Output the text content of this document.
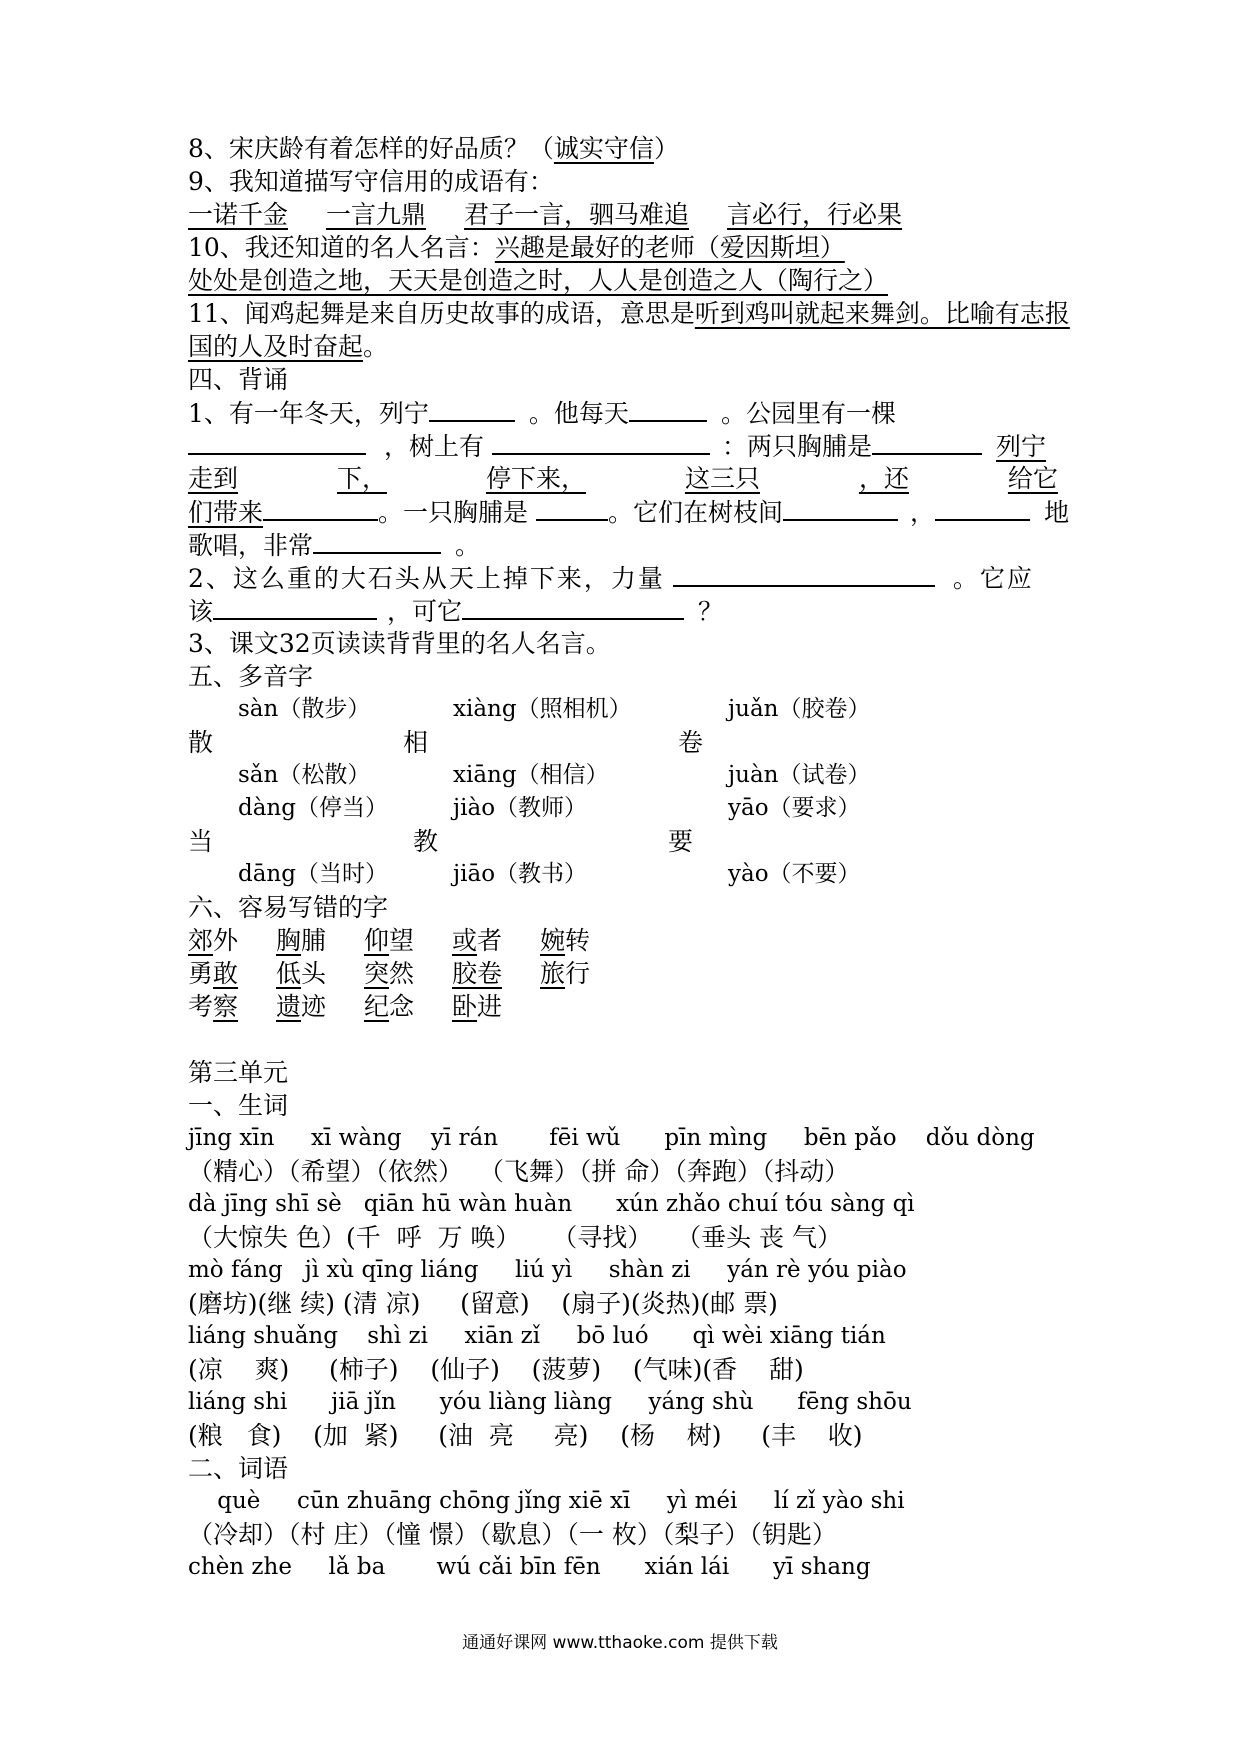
8、宋庆龄有着怎样的好品质？（诚实守信）
9、我知道描写守信用的成语有：
一诺千金 一言九鼎 君子一言，驷马难追 言必行，行必果
10、我还知道的名人名言：兴趣是最好的老师（爱因斯坦）
处处是创造之地，天天是创造之时，人人是创造之人（陶行之）
11、闻鸡起舞是来自历史故事的成语，意思是听到鸡叫就起来舞剑。比喻有志报
国的人及时奋起。
四、背诵
1、有一年冬天，列宁	。他每天	。公园里有一棵
，树上有	：两只胸脯是	列宁
走到	下，	停下来，	这三只	，还	给它
们带来	。一只胸脯是	。它们在树枝间	，	地
歌唱，非常	。
2、这么重的大石头从天上掉下来，力量	。它应
该	，可它	？
3、课文32页读读背背里的名人名言。
五、多音字
sàn（散步）	xiàng（照相机）	juǎn（胶卷）
散	相	卷
sǎn（松散）	xiāng（相信）	juàn（试卷）
dàng（停当）	jiào（教师）	yāo（要求）
当	教	要
dāng（当时）	jiāo（教书）	yào（不要）
六、容易写错的字
郊外 胸脯 仰望 或者 婉转
勇敢 低头 突然 胶卷 旅行
考察 遗迹 纪念 卧进
第三单元
一、生词
jīng xīn     xī wàng    yī rán       fēi wǔ      pīn mìng     bēn pǎo    dǒu dòng
（精心）（希望）（依然）  （飞舞）（拼 命）（奔跑）（抖动）
dà jīng shī sè   qiān hū wàn huàn      xún zhǎo chuí tóu sàng qì
（大惊失 色）(千  呼  万 唤）    （寻找）   （垂头 丧 气）
mò fáng   jì xù qīng liáng     liú yì     shàn zi     yán rè yóu piào
(磨坊)(继 续) (清 凉)     (留意)    (扇子)(炎热)(邮 票)
liáng shuǎng    shì zi     xiān zǐ     bō luó      qì wèi xiāng tián
(凉    爽)     (柿子)    (仙子)    (菠萝)    (气味)(香    甜)
liáng shi      jiā jǐn      yóu liàng liàng     yáng shù      fēng shōu
(粮   食)    (加  紧)     (油  亮     亮)    (杨    树)     (丰    收)
二、词语
què     cūn zhuāng chōng jǐng xiē xī     yì méi     lí zǐ yào shi
（冷却）（村 庄）（憧 憬）（歇息）（一 枚）（梨子）（钥匙）
chèn zhe     lǎ ba       wú cǎi bīn fēn      xián lái      yī shang
通通好课网 www.tthaoke.com 提供下载
